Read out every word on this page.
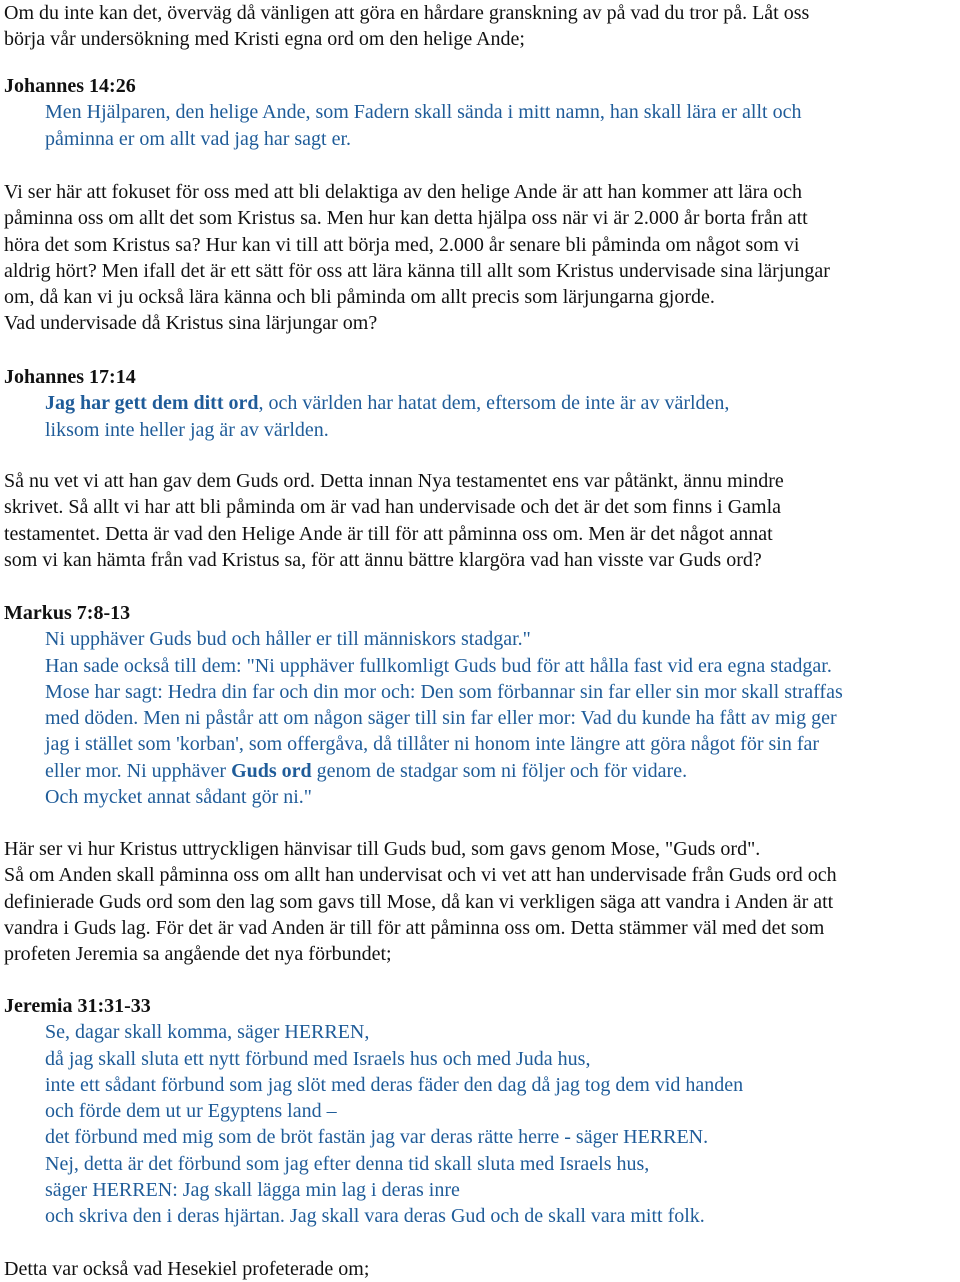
Om du inte kan det, överväg då vänligen att göra en hårdare granskning av på vad du tror på. Låt oss

börja vår undersökning med Kristi egna ord om den helige Ande;

Johannes 14:26

Men Hjälparen, den helige Ande, som Fadern skall sända i mitt namn, han skall lära er allt och

påminna er om allt vad jag har sagt er.

Vi ser här att fokuset för oss med att bli delaktiga av den helige Ande är att han kommer att lära och

påminna oss om allt det som Kristus sa. Men hur kan detta hjälpa oss när vi är 2.000 år borta från att

höra det som Kristus sa? Hur kan vi till att börja med, 2.000 år senare bli påminda om något som vi

aldrig hört? Men ifall det är ett sätt för oss att lära känna till allt som Kristus undervisade sina lärjungar

om, då kan vi ju också lära känna och bli påminda om allt precis som lärjungarna gjorde.

Vad undervisade då Kristus sina lärjungar om?

Johannes 17:14

Jag har gett dem ditt ord, och världen har hatat dem, eftersom de inte är av världen,

liksom inte heller jag är av världen.

Så nu vet vi att han gav dem Guds ord. Detta innan Nya testamentet ens var påtänkt, ännu mindre

skrivet. Så allt vi har att bli påminda om är vad han undervisade och det är det som finns i Gamla

testamentet. Detta är vad den Helige Ande är till för att påminna oss om. Men är det något annat

som vi kan hämta från vad Kristus sa, för att ännu bättre klargöra vad han visste var Guds ord?

Markus 7:8-13

Ni upphäver Guds bud och håller er till människors stadgar."

Han sade också till dem: "Ni upphäver fullkomligt Guds bud för att hålla fast vid era egna stadgar.

Mose har sagt: Hedra din far och din mor och: Den som förbannar sin far eller sin mor skall straffas

med döden. Men ni påstår att om någon säger till sin far eller mor: Vad du kunde ha fått av mig ger

jag i stället som 'korban', som offergåva, då tillåter ni honom inte längre att göra något för sin far

eller mor. Ni upphäver Guds ord genom de stadgar som ni följer och för vidare.

Och mycket annat sådant gör ni."

Här ser vi hur Kristus uttryckligen hänvisar till Guds bud, som gavs genom Mose, "Guds ord".

Så om Anden skall påminna oss om allt han undervisat och vi vet att han undervisade från Guds ord och

definierade Guds ord som den lag som gavs till Mose, då kan vi verkligen säga att vandra i Anden är att

vandra i Guds lag. För det är vad Anden är till för att påminna oss om. Detta stämmer väl med det som

profeten Jeremia sa angående det nya förbundet;

Jeremia 31:31-33

Se, dagar skall komma, säger HERREN,

då jag skall sluta ett nytt förbund med Israels hus och med Juda hus,

inte ett sådant förbund som jag slöt med deras fäder den dag då jag tog dem vid handen

och förde dem ut ur Egyptens land –

det förbund med mig som de bröt fastän jag var deras rätte herre - säger HERREN.

Nej, detta är det förbund som jag efter denna tid skall sluta med Israels hus,

säger HERREN: Jag skall lägga min lag i deras inre

och skriva den i deras hjärtan. Jag skall vara deras Gud och de skall vara mitt folk.

Detta var också vad Hesekiel profeterade om;
